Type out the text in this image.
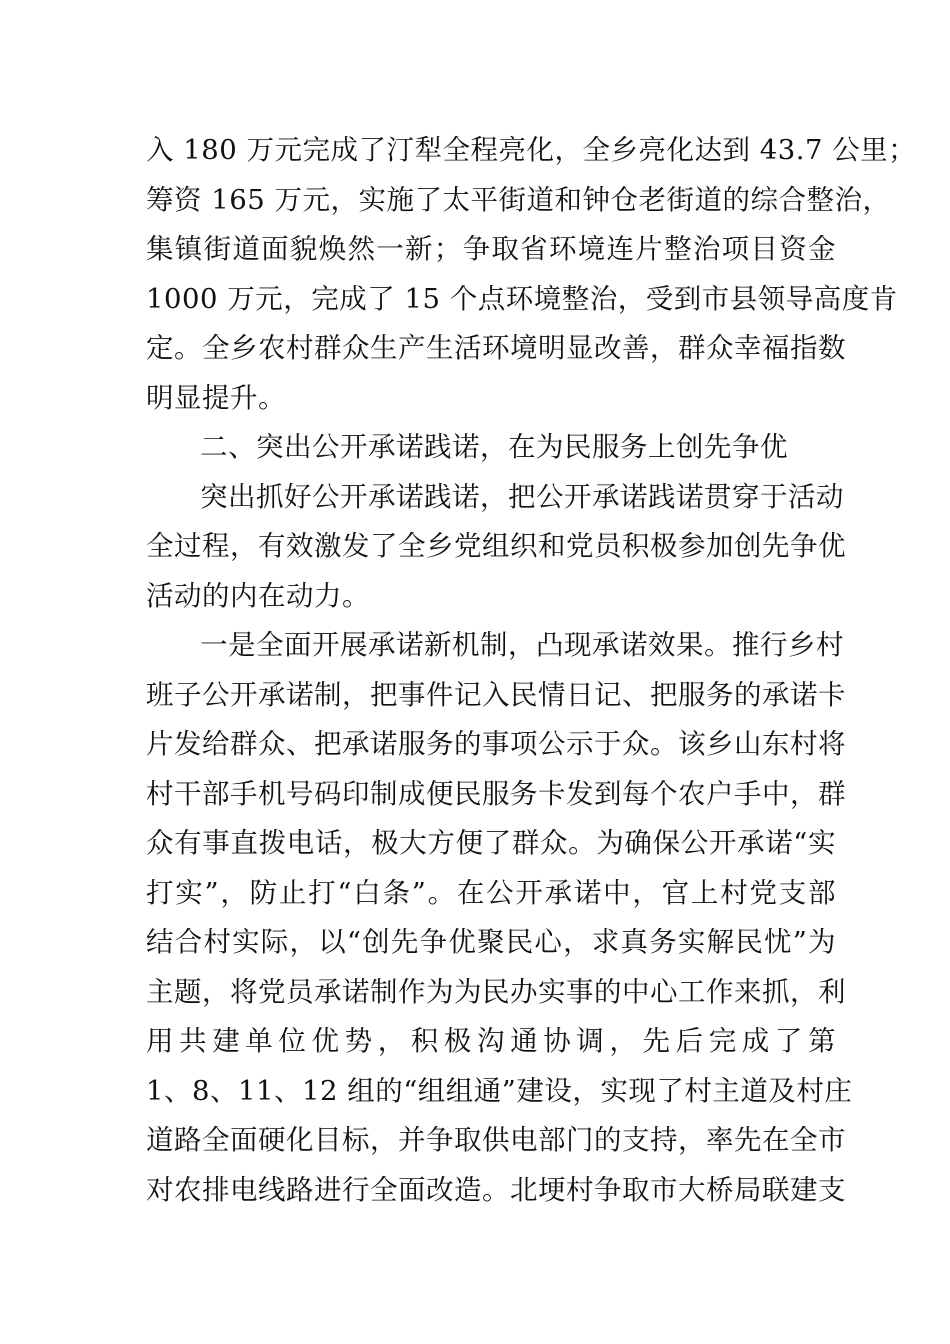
入 180 万元完成了汀犁全程亮化，全乡亮化达到 43.7 公里；
筹资 165 万元，实施了太平街道和钟仓老街道的综合整治，
集镇街道面貌焕然一新；争取省环境连片整治项目资金
1000 万元，完成了 15 个点环境整治，受到市县领导高度肯
定。全乡农村群众生产生活环境明显改善，群众幸福指数
明显提升。
二、突出公开承诺践诺，在为民服务上创先争优
突出抓好公开承诺践诺，把公开承诺践诺贯穿于活动
全过程，有效激发了全乡党组织和党员积极参加创先争优
活动的内在动力。
一是全面开展承诺新机制，凸现承诺效果。推行乡村
班子公开承诺制，把事件记入民情日记、把服务的承诺卡
片发给群众、把承诺服务的事项公示于众。该乡山东村将
村干部手机号码印制成便民服务卡发到每个农户手中，群
众有事直拨电话，极大方便了群众。为确保公开承诺“实
打实”，防止打“白条”。在公开承诺中，官上村党支部
结合村实际，以“创先争优聚民心，求真务实解民忧”为
主题，将党员承诺制作为为民办实事的中心工作来抓，利
用共建单位优势，积极沟通协调，先后完成了第
1、8、11、12 组的“组组通”建设，实现了村主道及村庄
道路全面硬化目标，并争取供电部门的支持，率先在全市
对农排电线路进行全面改造。北埂村争取市大桥局联建支
